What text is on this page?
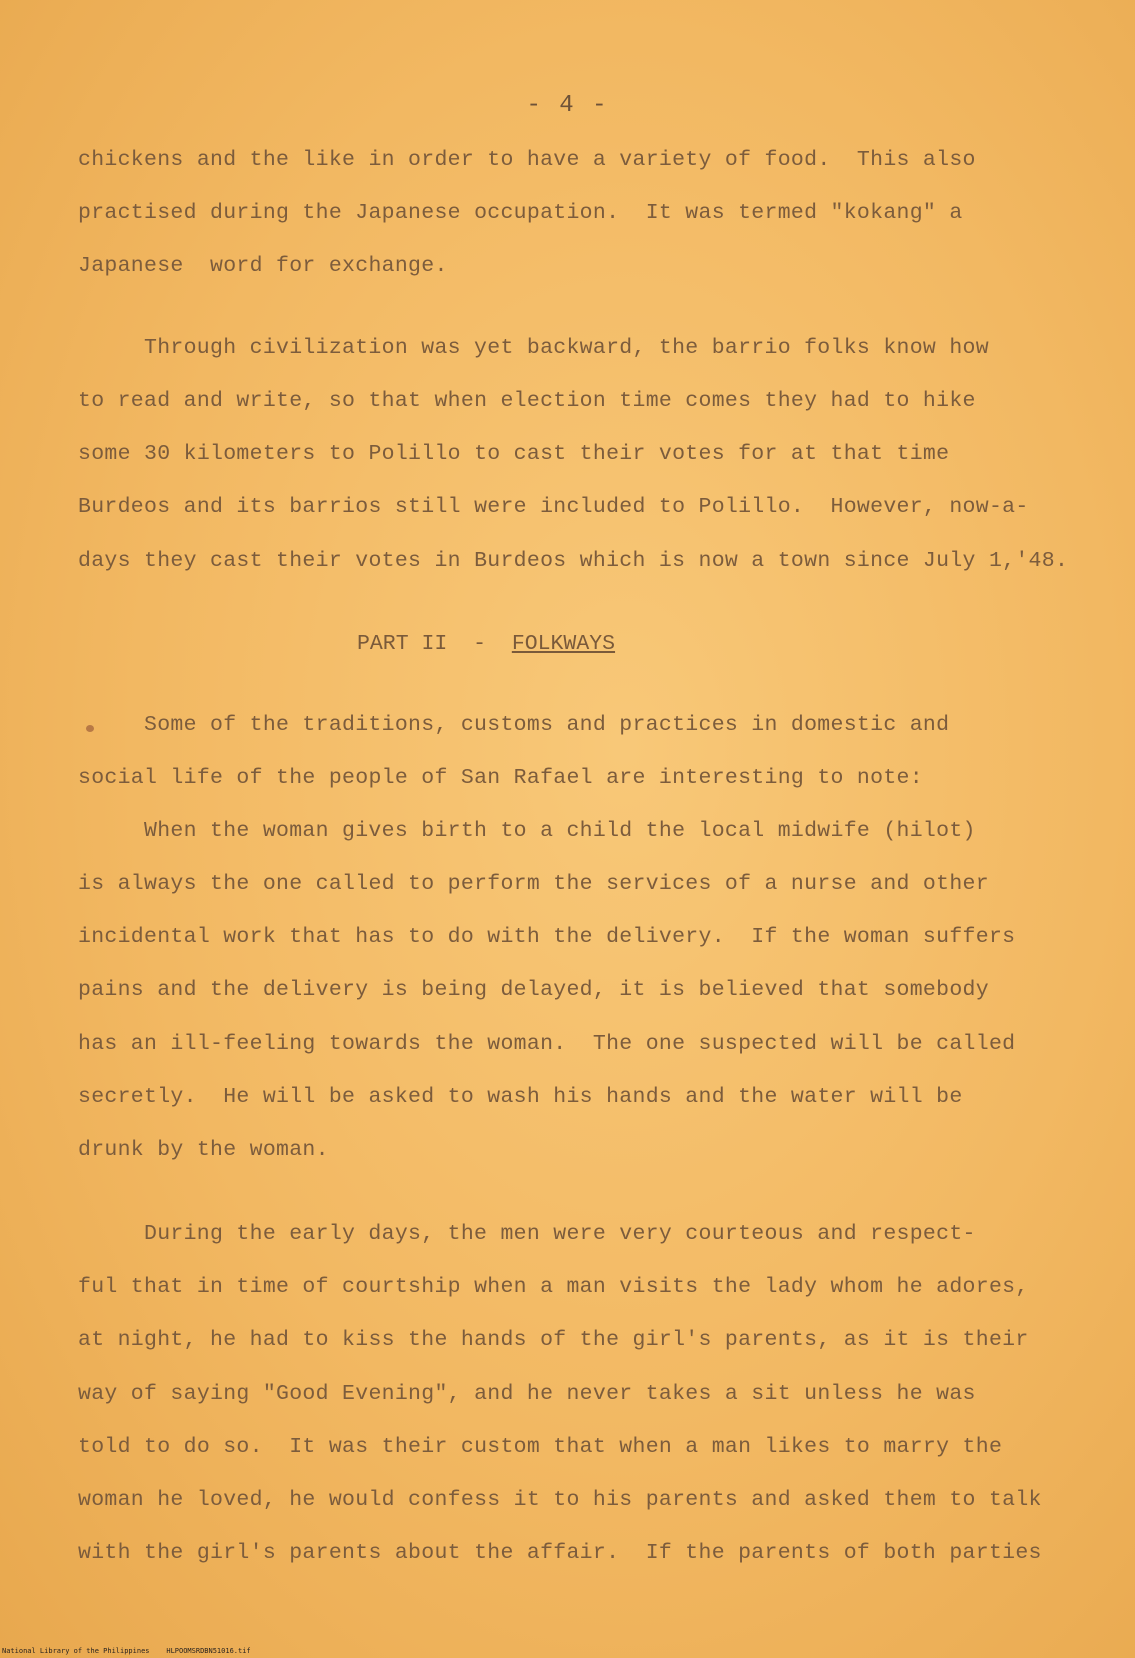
- 4 -
chickens and the like in order to have a variety of food.  This also
practised during the Japanese occupation.  It was termed "kokang" a
Japanese  word for exchange.
Through civilization was yet backward, the barrio folks know how
to read and write, so that when election time comes they had to hike
some 30 kilometers to Polillo to cast their votes for at that time
Burdeos and its barrios still were included to Polillo.  However, now-a-
days they cast their votes in Burdeos which is now a town since July 1,'48.
PART II  -  FOLKWAYS
Some of the traditions, customs and practices in domestic and
social life of the people of San Rafael are interesting to note:
When the woman gives birth to a child the local midwife (hilot)
is always the one called to perform the services of a nurse and other
incidental work that has to do with the delivery.  If the woman suffers
pains and the delivery is being delayed, it is believed that somebody
has an ill-feeling towards the woman.  The one suspected will be called
secretly.  He will be asked to wash his hands and the water will be
drunk by the woman.
During the early days, the men were very courteous and respect-
ful that in time of courtship when a man visits the lady whom he adores,
at night, he had to kiss the hands of the girl's parents, as it is their
way of saying "Good Evening", and he never takes a sit unless he was
told to do so.  It was their custom that when a man likes to marry the
woman he loved, he would confess it to his parents and asked them to talk
with the girl's parents about the affair.  If the parents of both parties
National Library of the Philippines    HLPOOMSRDBN51016.tif
